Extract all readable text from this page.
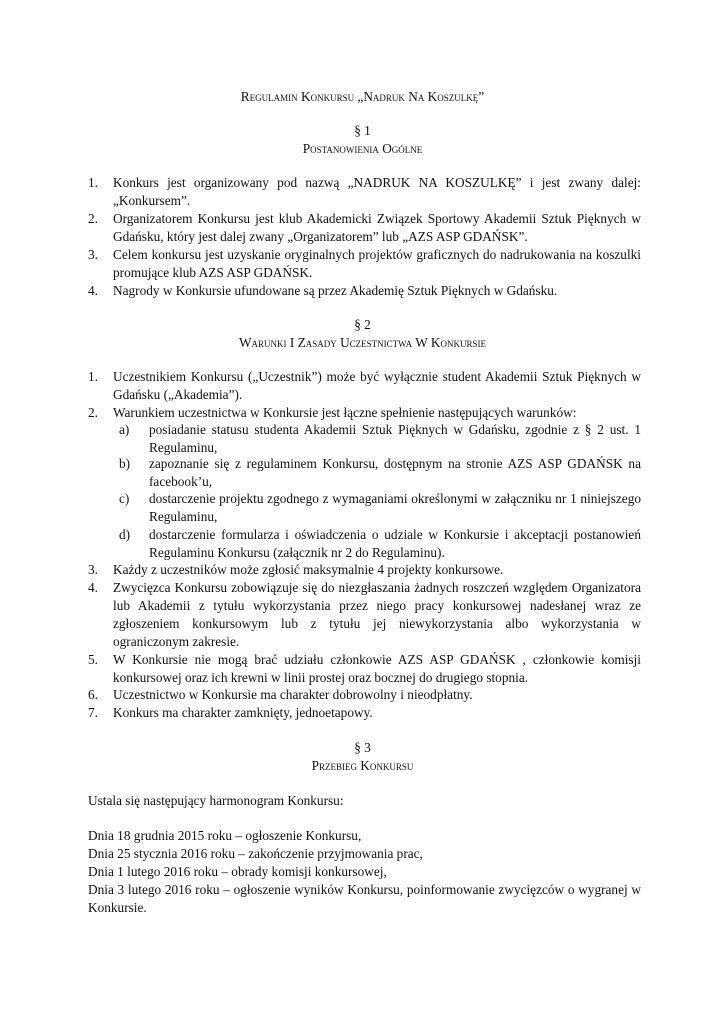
Regulamin Konkursu „Nadruk Na Koszulkę”
§ 1
Postanowienia Ogólne
1.	Konkurs jest organizowany pod nazwą „NADRUK NA KOSZULKĘ” i jest zwany dalej:
„Konkursem”.
2.	Organizatorem Konkursu jest klub Akademicki Związek Sportowy Akademii Sztuk Pięknych w
Gdańsku, który jest dalej zwany „Organizatorem” lub „AZS ASP GDAŃSK”.
3.	Celem konkursu jest uzyskanie oryginalnych projektów graficznych do nadrukowania na koszulki
promujące klub AZS ASP GDAŃSK.
4.	Nagrody w Konkursie ufundowane są przez Akademię Sztuk Pięknych w Gdańsku.
§ 2
Warunki I Zasady Uczestnictwa W Konkursie
1.	Uczestnikiem Konkursu („Uczestnik”) może być wyłącznie student Akademii Sztuk Pięknych w
Gdańsku („Akademia”).
2.	Warunkiem uczestnictwa w Konkursie jest łączne spełnienie następujących warunków:
a)	posiadanie statusu studenta Akademii Sztuk Pięknych w Gdańsku, zgodnie z § 2 ust. 1
Regulaminu,
b)	zapoznanie się z regulaminem Konkursu, dostępnym na stronie AZS ASP GDAŃSK na
facebook’u,
c)	dostarczenie projektu zgodnego z wymaganiami określonymi w załączniku nr 1 niniejszego
Regulaminu,
d)	dostarczenie formularza i oświadczenia o udziale w Konkursie i akceptacji postanowień
Regulaminu Konkursu (załącznik nr 2 do Regulaminu).
3.	Każdy z uczestników może zgłosić maksymalnie 4 projekty konkursowe.
4.	Zwycięzca Konkursu zobowiązuje się do niezgłaszania żadnych roszczeń względem Organizatora
lub Akademii z tytułu wykorzystania przez niego pracy konkursowej nadesłanej wraz ze
zgłoszeniem konkursowym lub z tytułu jej niewykorzystania albo wykorzystania w
ograniczonym zakresie.
5.	W Konkursie nie mogą brać udziału członkowie AZS ASP GDAŃSK , członkowie komisji
konkursowej oraz ich krewni w linii prostej oraz bocznej do drugiego stopnia.
6.	Uczestnictwo w Konkursie ma charakter dobrowolny i nieodpłatny.
7.	Konkurs ma charakter zamknięty, jednoetapowy.
§ 3
Przebieg Konkursu
Ustala się następujący harmonogram Konkursu:
Dnia 18 grudnia 2015 roku – ogłoszenie Konkursu,
Dnia 25 stycznia 2016 roku – zakończenie przyjmowania prac,
Dnia 1 lutego 2016 roku – obrady komisji konkursowej,
Dnia 3 lutego 2016 roku – ogłoszenie wyników Konkursu, poinformowanie zwycięzców o wygranej w
Konkursie.
